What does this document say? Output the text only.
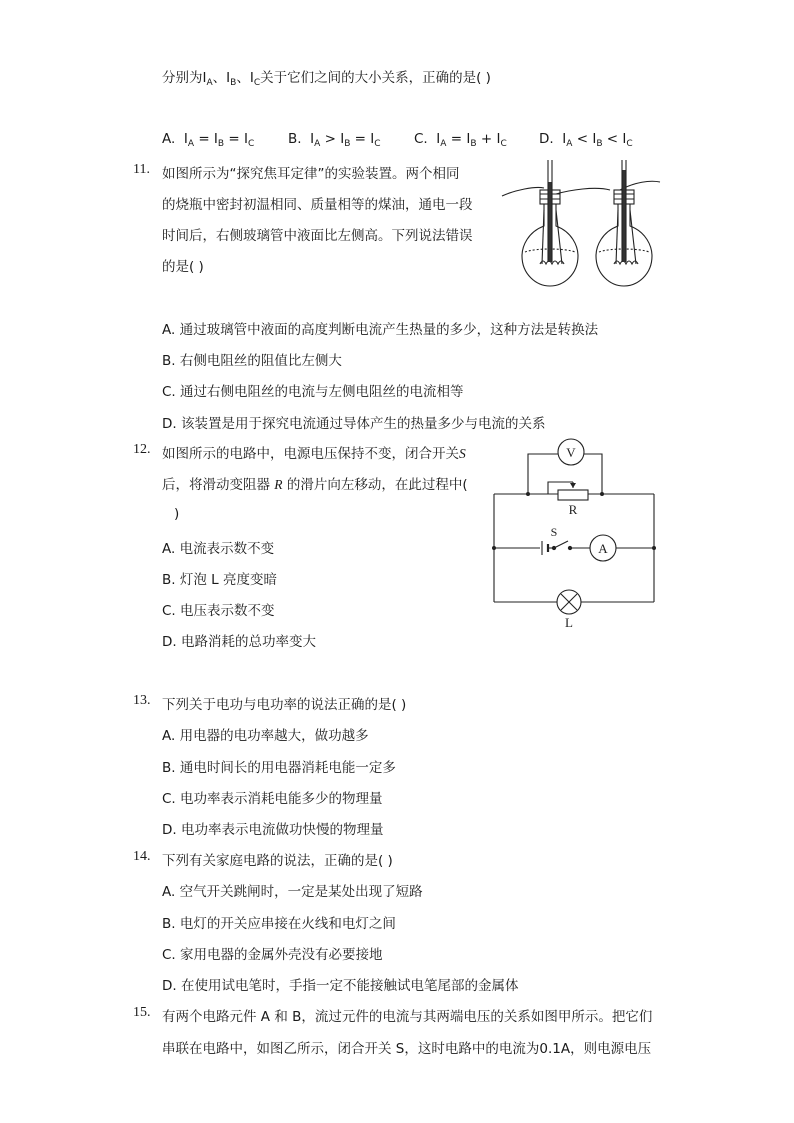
分别为$I_A$、$I_B$、$I_C$关于它们之间的大小关系，正确的是( )
A.  $I_A = I_B = I_C$ B.  $I_A > I_B = I_C$ C.  $I_A = I_B + I_C$ D.  $I_A < I_B < I_C$
11. 如图所示为“探究焦耳定律”的实验装置。两个相同
的烧瓶中密封初温相同、质量相等的煤油，通电一段
时间后，右侧玻璃管中液面比左侧高。下列说法错误
的是( )
A. 通过玻璃管中液面的高度判断电流产生热量的多少，这种方法是转换法
B. 右侧电阻丝的阻值比左侧大
C. 通过右侧电阻丝的电流与左侧电阻丝的电流相等
D. 该装置是用于探究电流通过导体产生的热量多少与电流的关系
12. 如图所示的电路中，电源电压保持不变，闭合开关S
后，将滑动变阻器 R 的滑片向左移动，在此过程中(
)
A. 电流表示数不变
B. 灯泡 L 亮度变暗
C. 电压表示数不变
D. 电路消耗的总功率变大
V
R
S
A
L
13. 下列关于电功与电功率的说法正确的是( )
A. 用电器的电功率越大，做功越多
B. 通电时间长的用电器消耗电能一定多
C. 电功率表示消耗电能多少的物理量
D. 电功率表示电流做功快慢的物理量
14. 下列有关家庭电路的说法，正确的是( )
A. 空气开关跳闸时，一定是某处出现了短路
B. 电灯的开关应串接在火线和电灯之间
C. 家用电器的金属外壳没有必要接地
D. 在使用试电笔时，手指一定不能接触试电笔尾部的金属体
15. 有两个电路元件 A 和 B，流过元件的电流与其两端电压的关系如图甲所示。把它们
串联在电路中，如图乙所示，闭合开关 S，这时电路中的电流为0.1A，则电源电压
